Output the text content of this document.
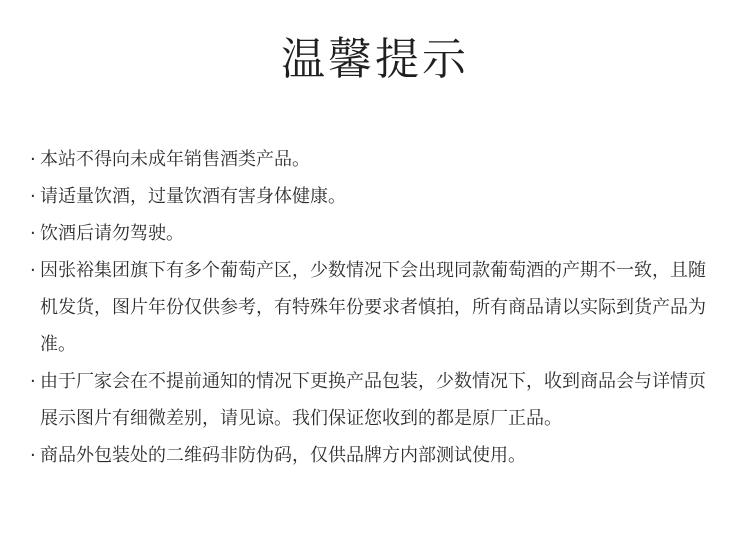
温馨提示
· 本站不得向未成年销售酒类产品。
· 请适量饮酒，过量饮酒有害身体健康。
· 饮酒后请勿驾驶。
· 因张裕集团旗下有多个葡萄产区，少数情况下会出现同款葡萄酒的产期不一致，且随机发货，图片年份仅供参考，有特殊年份要求者慎拍，所有商品请以实际到货产品为准。
· 由于厂家会在不提前通知的情况下更换产品包装，少数情况下，收到商品会与详情页展示图片有细微差别，请见谅。我们保证您收到的都是原厂正品。
· 商品外包装处的二维码非防伪码，仅供品牌方内部测试使用。
